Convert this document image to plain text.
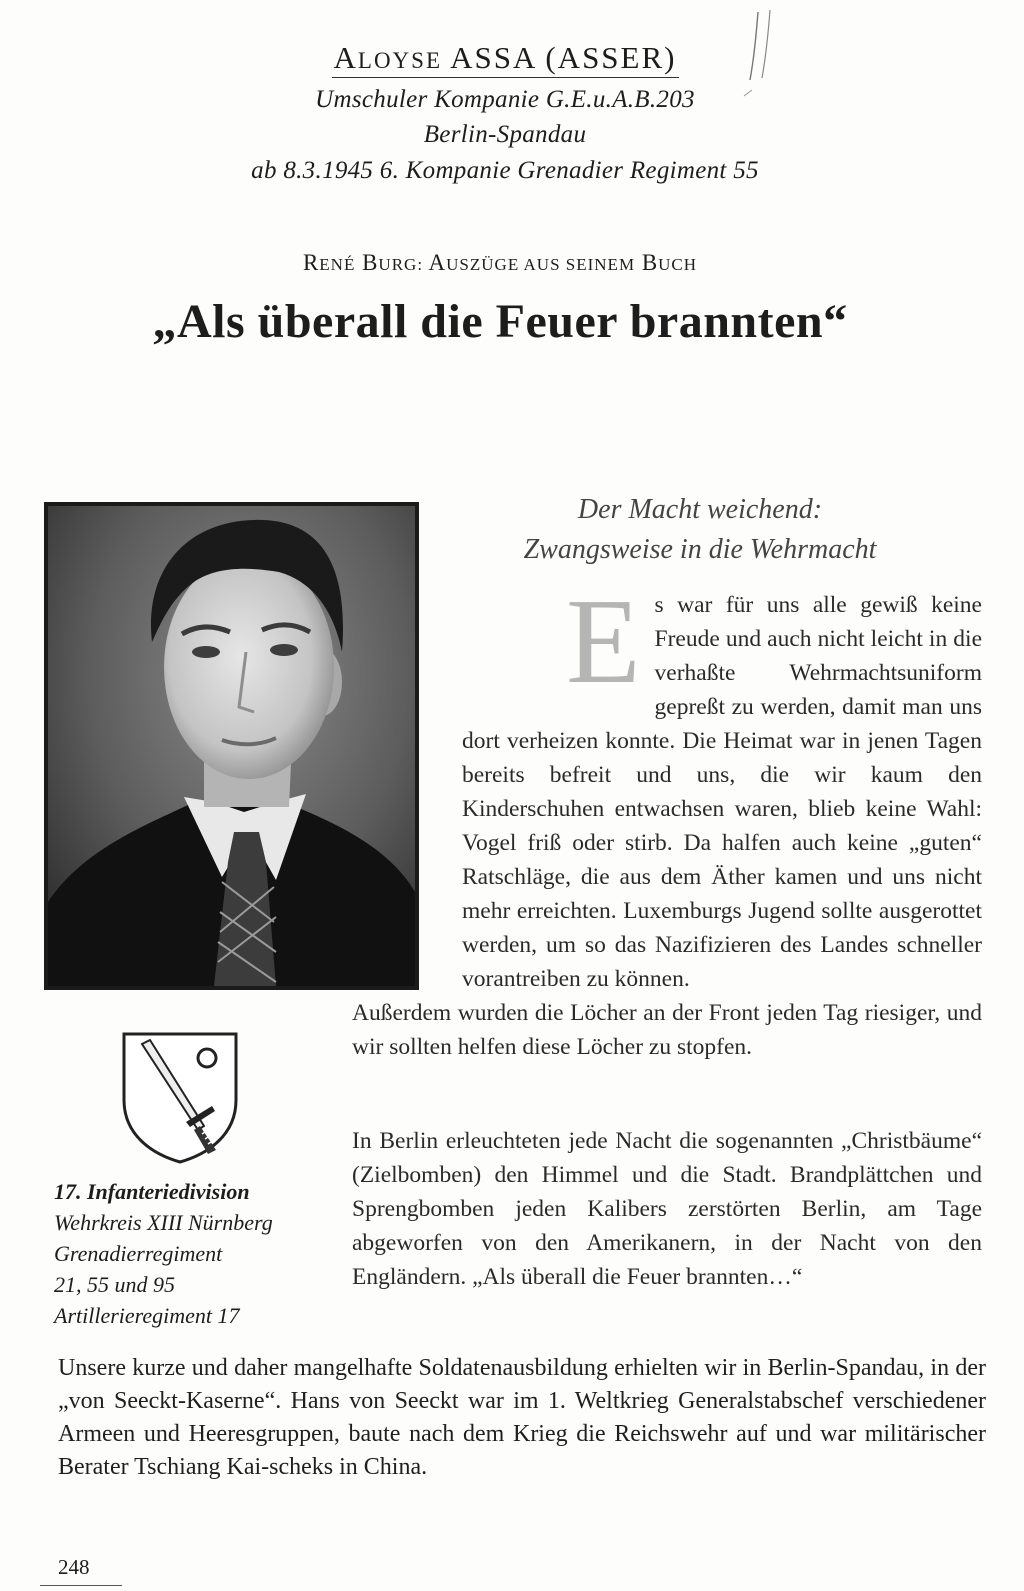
ALOYSE ASSA (ASSER)
Umschuler Kompanie G.E.u.A.B.203
Berlin-Spandau
ab 8.3.1945 6. Kompanie Grenadier Regiment 55
RENÉ BURG: AUSZÜGE AUS SEINEM BUCH
„Als überall die Feuer brannten“
17. Infanteriedivision
Wehrkreis XIII Nürnberg
Grenadierregiment
21, 55 und 95
Artillerieregiment 17
Der Macht weichend:
Zwangsweise in die Wehrmacht
E s war für uns alle gewiß keine Freude und auch nicht leicht in die verhaßte Wehrmachtsuniform gepreßt zu werden, damit man uns dort verheizen konnte. Die Heimat war in jenen Tagen bereits befreit und uns, die wir kaum den Kinderschuhen entwachsen waren, blieb keine Wahl: Vogel friß oder stirb. Da halfen auch keine „guten“ Ratschläge, die aus dem Äther kamen und uns nicht mehr erreichten. Luxemburgs Jugend sollte ausgerottet werden, um so das Nazifizieren des Landes schneller vorantreiben zu können.
Außerdem wurden die Löcher an der Front jeden Tag riesiger, und wir sollten helfen diese Löcher zu stopfen.
In Berlin erleuchteten jede Nacht die sogenannten „Christbäume“ (Zielbomben) den Himmel und die Stadt. Brandplättchen und Sprengbomben jeden Kalibers zerstörten Berlin, am Tage abgeworfen von den Amerikanern, in der Nacht von den Engländern. „Als überall die Feuer brannten…“
Unsere kurze und daher mangelhafte Soldatenausbildung erhielten wir in Berlin-Spandau, in der „von Seeckt-Kaserne“. Hans von Seeckt war im 1. Weltkrieg Generalstabschef verschiedener Armeen und Heeresgruppen, baute nach dem Krieg die Reichswehr auf und war militärischer Berater Tschiang Kai-scheks in China.
248
